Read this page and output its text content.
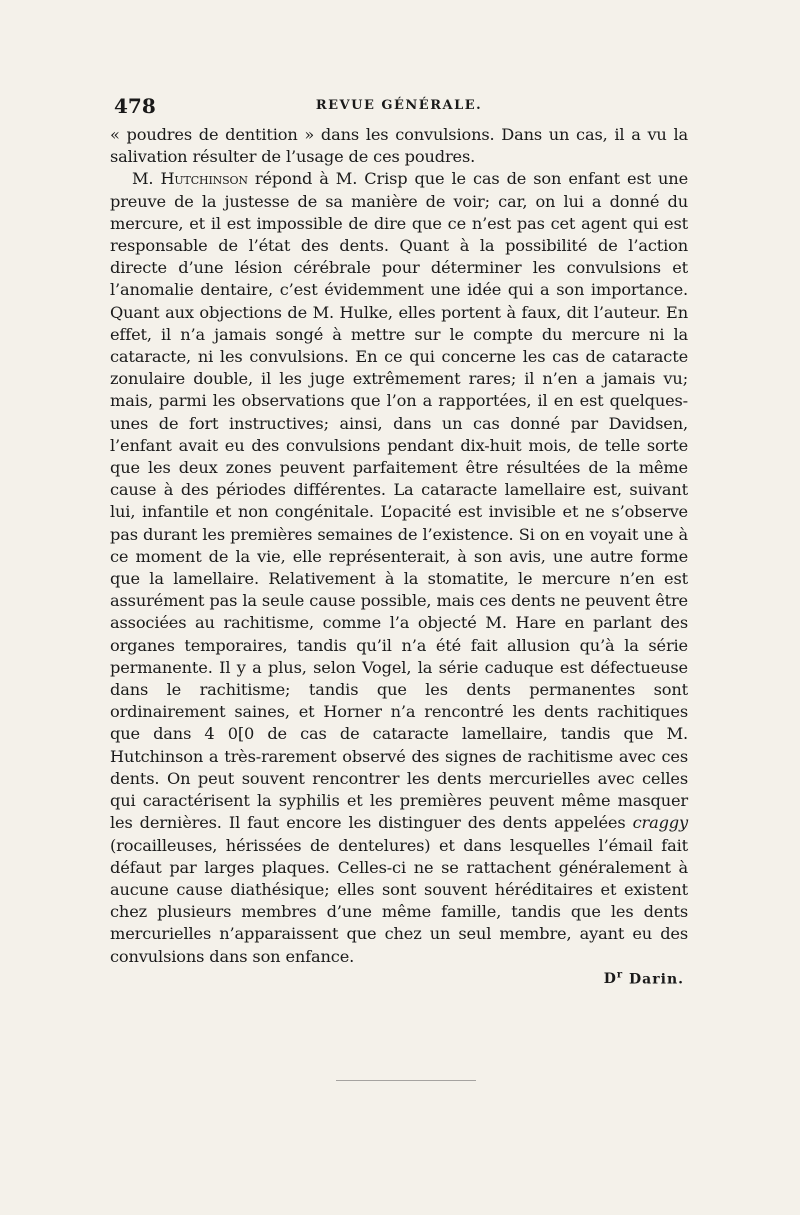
478	REVUE GÉNÉRALE.

« poudres de dentition » dans les convulsions. Dans un cas, il a vu la salivation résulter de l’usage de ces poudres.

M. Hutchinson répond à M. Crisp que le cas de son enfant est une preuve de la justesse de sa manière de voir; car, on lui a donné du mercure, et il est impossible de dire que ce n’est pas cet agent qui est responsable de l’état des dents. Quant à la possibilité de l’action directe d’une lésion cérébrale pour déterminer les convulsions et l’anomalie dentaire, c’est évidemment une idée qui a son importance. Quant aux objections de M. Hulke, elles portent à faux, dit l’auteur. En effet, il n’a jamais songé à mettre sur le compte du mercure ni la cataracte, ni les convulsions. En ce qui concerne les cas de cataracte zonulaire double, il les juge extrêmement rares; il n’en a jamais vu; mais, parmi les observations que l’on a rapportées, il en est quelques-unes de fort instructives; ainsi, dans un cas donné par Davidsen, l’enfant avait eu des convulsions pendant dix-huit mois, de telle sorte que les deux zones peuvent parfaitement être résultées de la même cause à des périodes différentes. La cataracte lamellaire est, suivant lui, infantile et non congénitale. L’opacité est invisible et ne s’observe pas durant les premières semaines de l’existence. Si on en voyait une à ce moment de la vie, elle représenterait, à son avis, une autre forme que la lamellaire. Relativement à la stomatite, le mercure n’en est assurément pas la seule cause possible, mais ces dents ne peuvent être associées au rachitisme, comme l’a objecté M. Hare en parlant des organes temporaires, tandis qu’il n’a été fait allusion qu’à la série permanente. Il y a plus, selon Vogel, la série caduque est défectueuse dans le rachitisme; tandis que les dents permanentes sont ordinairement saines, et Horner n’a rencontré les dents rachitiques que dans 4 0[0 de cas de cataracte lamellaire, tandis que M. Hutchinson a très-rarement observé des signes de rachitisme avec ces dents. On peut souvent rencontrer les dents mercurielles avec celles qui caractérisent la syphilis et les premières peuvent même masquer les dernières. Il faut encore les distinguer des dents appelées craggy (rocailleuses, hérissées de dentelures) et dans lesquelles l’émail fait défaut par larges plaques. Celles-ci ne se rattachent généralement à aucune cause diathésique; elles sont souvent héréditaires et existent chez plusieurs membres d’une même famille, tandis que les dents mercurielles n’apparaissent que chez un seul membre, ayant eu des convulsions dans son enfance.

$D^r$ Darin.
